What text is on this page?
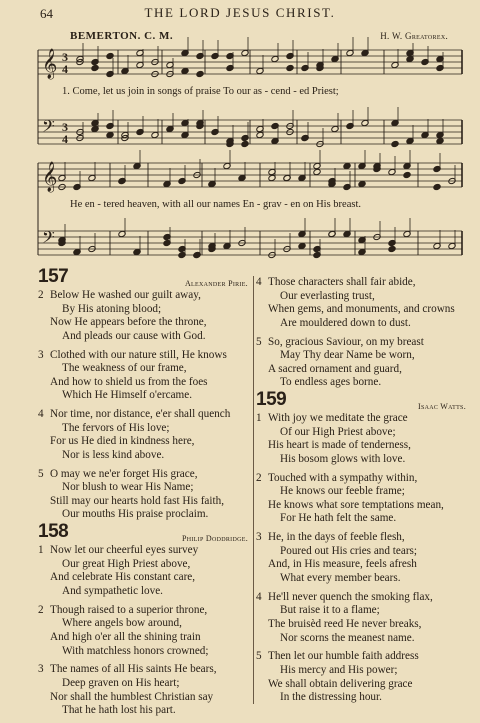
64	THE LORD JESUS CHRIST.
BEMERTON. C. M.	H. W. Greatorex.
𝄞
𝄢
3
4
3
4
𝄞
𝄢
1. Come, let us join in songs of praise To our as - cend - ed Priest;
He en - tered heaven, with all our names En - grav - en on His breast.
157	Alexander Pirie.
2 Below He washed our guilt away,
By His atoning blood;
Now He appears before the throne,
And pleads our cause with God.
3 Clothed with our nature still, He knows
The weakness of our frame,
And how to shield us from the foes
Which He Himself o'ercame.
4 Nor time, nor distance, e'er shall quench
The fervors of His love;
For us He died in kindness here,
Nor is less kind above.
5 O may we ne'er forget His grace,
Nor blush to wear His Name;
Still may our hearts hold fast His faith,
Our mouths His praise proclaim.
158	Philip Doddridge.
1 Now let our cheerful eyes survey
Our great High Priest above,
And celebrate His constant care,
And sympathetic love.
2 Though raised to a superior throne,
Where angels bow around,
And high o'er all the shining train
With matchless honors crowned;
3 The names of all His saints He bears,
Deep graven on His heart;
Nor shall the humblest Christian say
That he hath lost his part.
4 Those characters shall fair abide,
Our everlasting trust,
When gems, and monuments, and crowns
Are mouldered down to dust.
5 So, gracious Saviour, on my breast
May Thy dear Name be worn,
A sacred ornament and guard,
To endless ages borne.
159	Isaac Watts.
1 With joy we meditate the grace
Of our High Priest above;
His heart is made of tenderness,
His bosom glows with love.
2 Touched with a sympathy within,
He knows our feeble frame;
He knows what sore temptations mean,
For He hath felt the same.
3 He, in the days of feeble flesh,
Poured out His cries and tears;
And, in His measure, feels afresh
What every member bears.
4 He'll never quench the smoking flax,
But raise it to a flame;
The bruisèd reed He never breaks,
Nor scorns the meanest name.
5 Then let our humble faith address
His mercy and His power;
We shall obtain delivering grace
In the distressing hour.
